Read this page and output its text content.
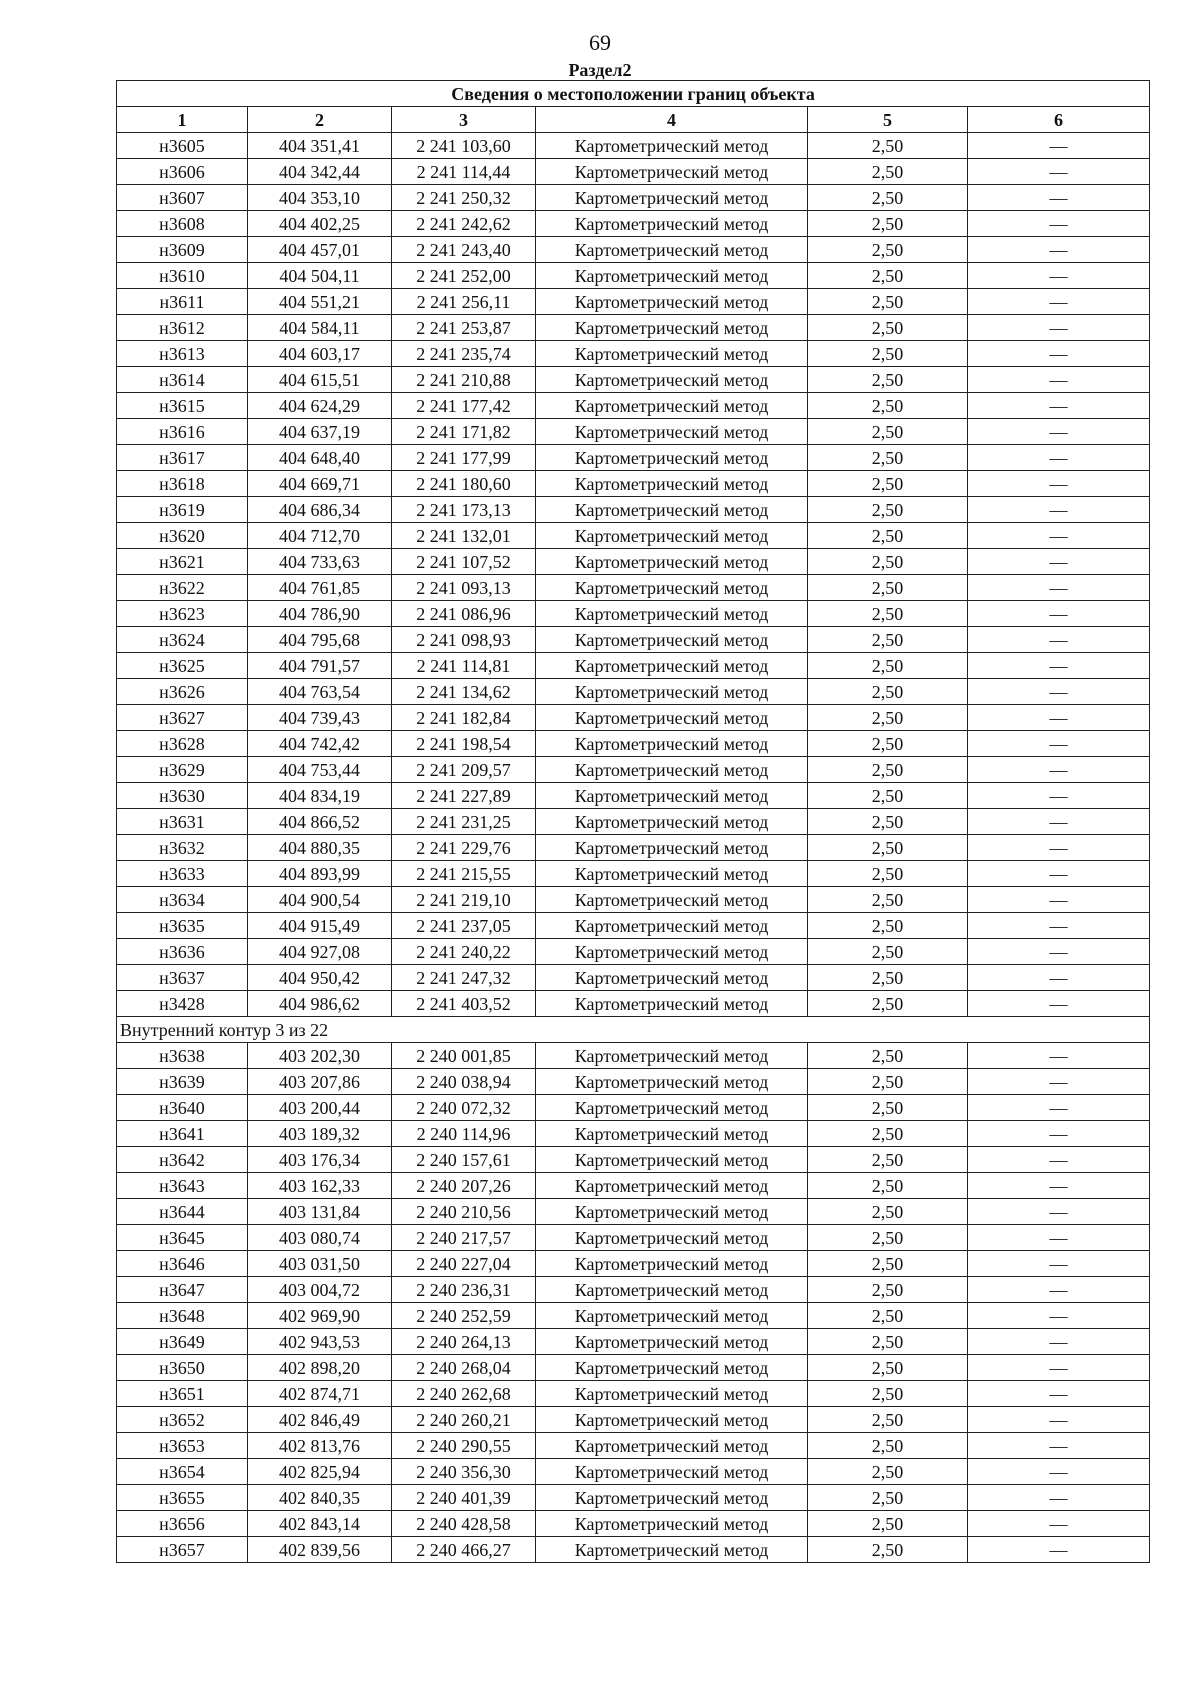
69
Раздел2
Сведения о местоположении границ объекта					
1	2	3	4	5	6
н3605	404 351,41	2 241 103,60	Картометрический метод	2,50	—
н3606	404 342,44	2 241 114,44	Картометрический метод	2,50	—
н3607	404 353,10	2 241 250,32	Картометрический метод	2,50	—
н3608	404 402,25	2 241 242,62	Картометрический метод	2,50	—
н3609	404 457,01	2 241 243,40	Картометрический метод	2,50	—
н3610	404 504,11	2 241 252,00	Картометрический метод	2,50	—
н3611	404 551,21	2 241 256,11	Картометрический метод	2,50	—
н3612	404 584,11	2 241 253,87	Картометрический метод	2,50	—
н3613	404 603,17	2 241 235,74	Картометрический метод	2,50	—
н3614	404 615,51	2 241 210,88	Картометрический метод	2,50	—
н3615	404 624,29	2 241 177,42	Картометрический метод	2,50	—
н3616	404 637,19	2 241 171,82	Картометрический метод	2,50	—
н3617	404 648,40	2 241 177,99	Картометрический метод	2,50	—
н3618	404 669,71	2 241 180,60	Картометрический метод	2,50	—
н3619	404 686,34	2 241 173,13	Картометрический метод	2,50	—
н3620	404 712,70	2 241 132,01	Картометрический метод	2,50	—
н3621	404 733,63	2 241 107,52	Картометрический метод	2,50	—
н3622	404 761,85	2 241 093,13	Картометрический метод	2,50	—
н3623	404 786,90	2 241 086,96	Картометрический метод	2,50	—
н3624	404 795,68	2 241 098,93	Картометрический метод	2,50	—
н3625	404 791,57	2 241 114,81	Картометрический метод	2,50	—
н3626	404 763,54	2 241 134,62	Картометрический метод	2,50	—
н3627	404 739,43	2 241 182,84	Картометрический метод	2,50	—
н3628	404 742,42	2 241 198,54	Картометрический метод	2,50	—
н3629	404 753,44	2 241 209,57	Картометрический метод	2,50	—
н3630	404 834,19	2 241 227,89	Картометрический метод	2,50	—
н3631	404 866,52	2 241 231,25	Картометрический метод	2,50	—
н3632	404 880,35	2 241 229,76	Картометрический метод	2,50	—
н3633	404 893,99	2 241 215,55	Картометрический метод	2,50	—
н3634	404 900,54	2 241 219,10	Картометрический метод	2,50	—
н3635	404 915,49	2 241 237,05	Картометрический метод	2,50	—
н3636	404 927,08	2 241 240,22	Картометрический метод	2,50	—
н3637	404 950,42	2 241 247,32	Картометрический метод	2,50	—
н3428	404 986,62	2 241 403,52	Картометрический метод	2,50	—
Внутренний контур 3 из 22					
н3638	403 202,30	2 240 001,85	Картометрический метод	2,50	—
н3639	403 207,86	2 240 038,94	Картометрический метод	2,50	—
н3640	403 200,44	2 240 072,32	Картометрический метод	2,50	—
н3641	403 189,32	2 240 114,96	Картометрический метод	2,50	—
н3642	403 176,34	2 240 157,61	Картометрический метод	2,50	—
н3643	403 162,33	2 240 207,26	Картометрический метод	2,50	—
н3644	403 131,84	2 240 210,56	Картометрический метод	2,50	—
н3645	403 080,74	2 240 217,57	Картометрический метод	2,50	—
н3646	403 031,50	2 240 227,04	Картометрический метод	2,50	—
н3647	403 004,72	2 240 236,31	Картометрический метод	2,50	—
н3648	402 969,90	2 240 252,59	Картометрический метод	2,50	—
н3649	402 943,53	2 240 264,13	Картометрический метод	2,50	—
н3650	402 898,20	2 240 268,04	Картометрический метод	2,50	—
н3651	402 874,71	2 240 262,68	Картометрический метод	2,50	—
н3652	402 846,49	2 240 260,21	Картометрический метод	2,50	—
н3653	402 813,76	2 240 290,55	Картометрический метод	2,50	—
н3654	402 825,94	2 240 356,30	Картометрический метод	2,50	—
н3655	402 840,35	2 240 401,39	Картометрический метод	2,50	—
н3656	402 843,14	2 240 428,58	Картометрический метод	2,50	—
н3657	402 839,56	2 240 466,27	Картометрический метод	2,50	—
